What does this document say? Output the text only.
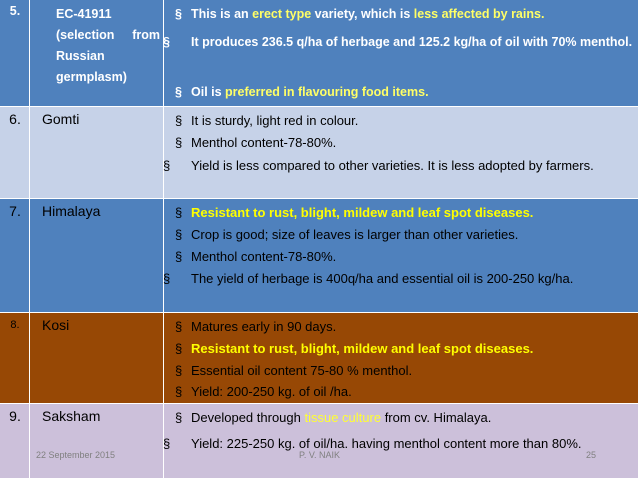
5.	EC-41911
(selection from
Russian
germplasm)
§ This is an erect type variety, which is less affected by rains.
§ It produces 236.5 q/ha of herbage and 125.2 kg/ha of oil with 70% menthol.
§ Oil is preferred in flavouring food items.
6.	Gomti	§ It is sturdy, light red in colour.
§ Menthol content-78-80%.
§ Yield is less compared to other varieties. It is less adopted by farmers.
7.	Himalaya	§ Resistant to rust, blight, mildew and leaf spot diseases.
§ Crop is good; size of leaves is larger than other varieties.
§ Menthol content-78-80%.
§ The yield of herbage is 400q/ha and essential oil is 200-250 kg/ha.
8.	Kosi	§ Matures early in 90 days.
§ Resistant to rust, blight, mildew and leaf spot diseases.
§ Essential oil content 75-80 % menthol.
§ Yield: 200-250 kg. of oil /ha.
9.	Saksham	§ Developed through tissue culture from cv. Himalaya.
§ Yield: 225-250 kg. of oil/ha. having menthol content more than 80%.
22 September 2015	P. V. NAIK	25
